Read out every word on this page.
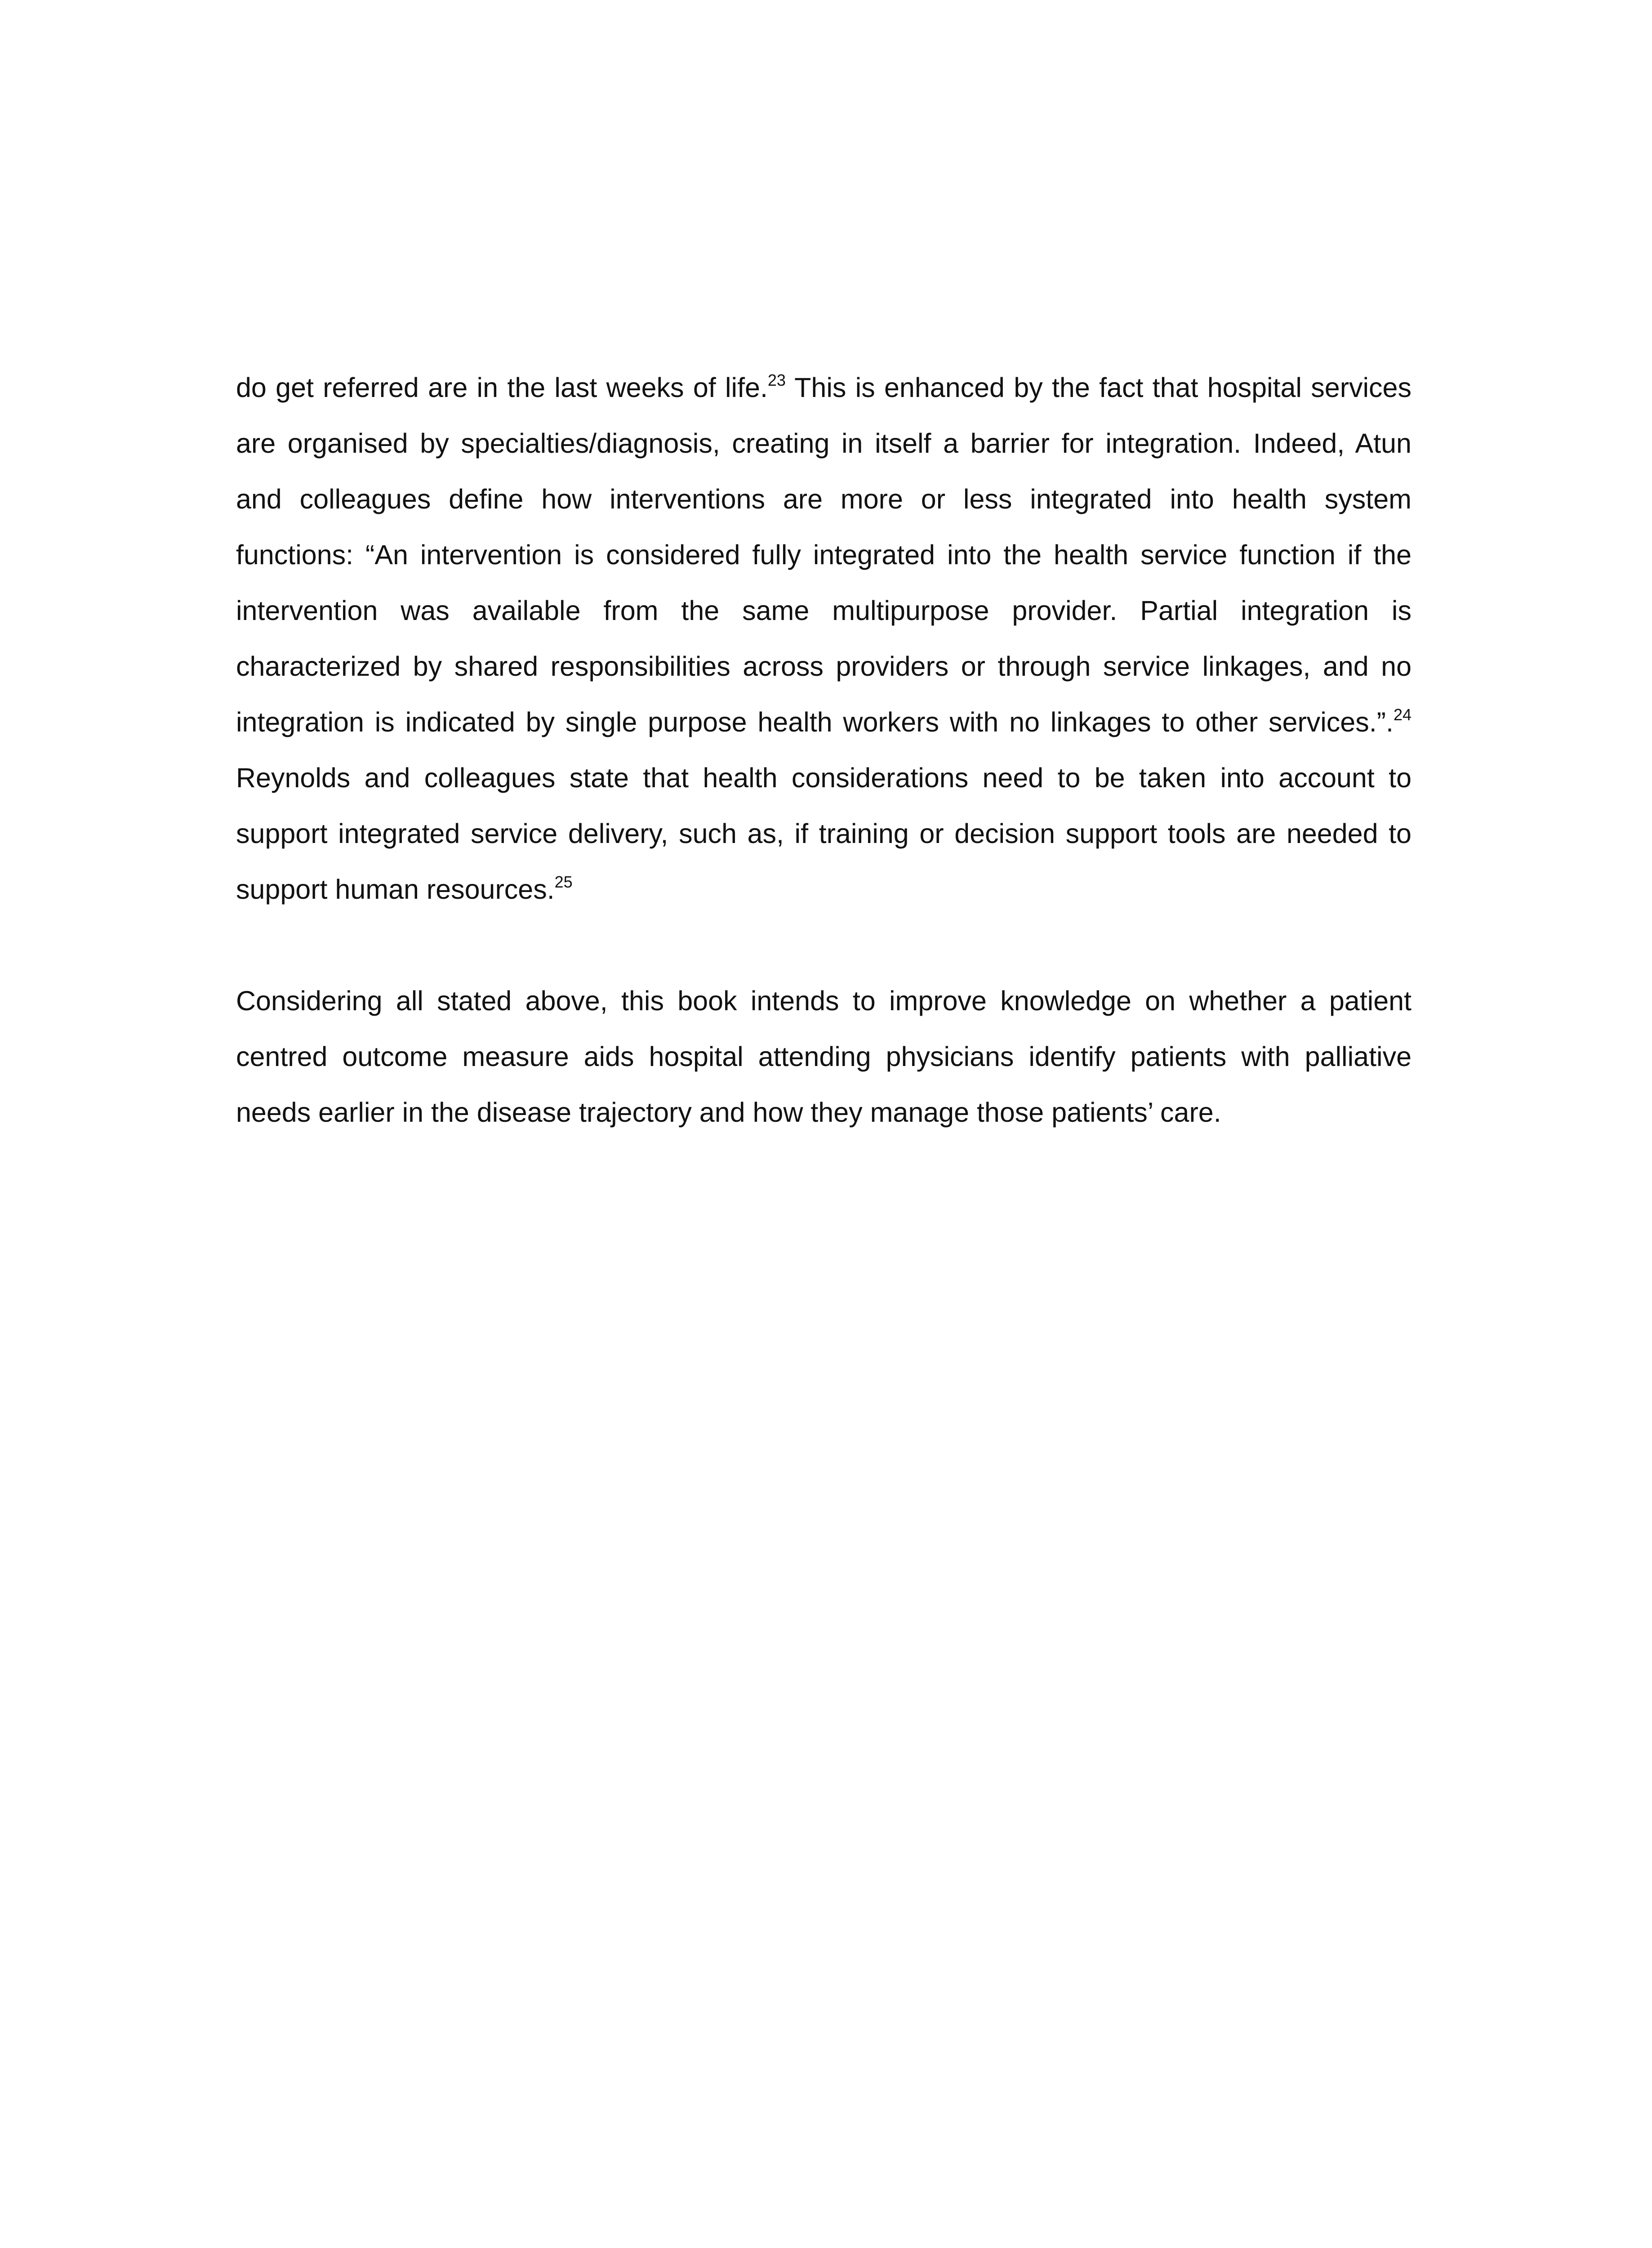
do get referred are in the last weeks of life.$^{23}$ This is enhanced by the fact that hospital services are organised by specialties/diagnosis, creating in itself a barrier for integration. Indeed, Atun and colleagues define how interventions are more or less integrated into health system functions: “An intervention is considered fully integrated into the health service function if the intervention was available from the same multipurpose provider. Partial integration is characterized by shared responsibilities across providers or through service linkages, and no integration is indicated by single purpose health workers with no linkages to other services.”.$^{24}$ Reynolds and colleagues state that health considerations need to be taken into account to support integrated service delivery, such as, if training or decision support tools are needed to support human resources.$^{25}$

Considering all stated above, this book intends to improve knowledge on whether a patient centred outcome measure aids hospital attending physicians identify patients with palliative needs earlier in the disease trajectory and how they manage those patients’ care.
